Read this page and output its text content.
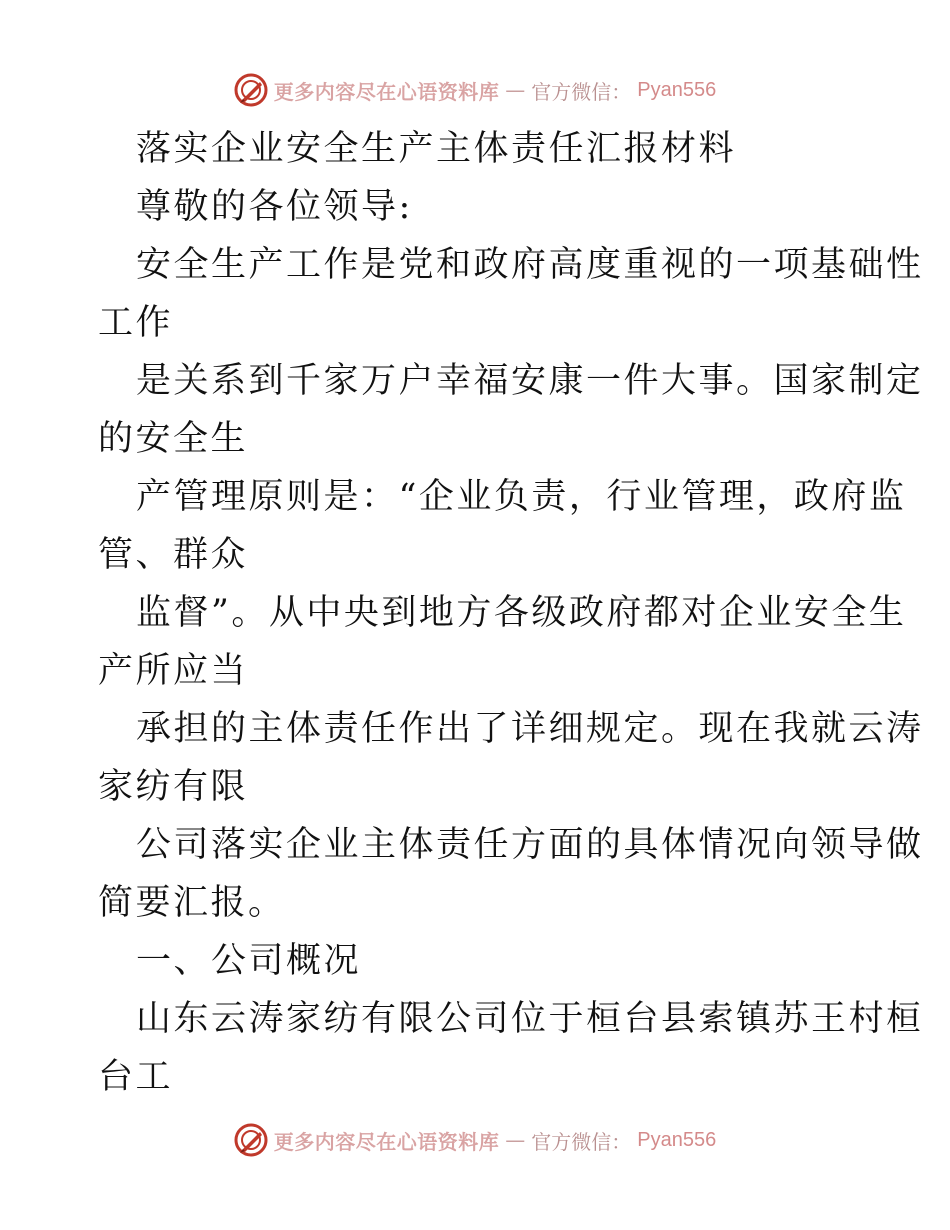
更多内容尽在心语资料库 — 官方微信： Pyan556
落实企业安全生产主体责任汇报材料
尊敬的各位领导:
安全生产工作是党和政府高度重视的一项基础性
工作
是关系到千家万户幸福安康一件大事。国家制定
的安全生
产管理原则是：“企业负责，行业管理，政府监
管、群众
监督”。从中央到地方各级政府都对企业安全生
产所应当
承担的主体责任作出了详细规定。现在我就云涛
家纺有限
公司落实企业主体责任方面的具体情况向领导做
简要汇报。
一、公司概况
山东云涛家纺有限公司位于桓台县索镇苏王村桓
台工
更多内容尽在心语资料库 — 官方微信： Pyan556
